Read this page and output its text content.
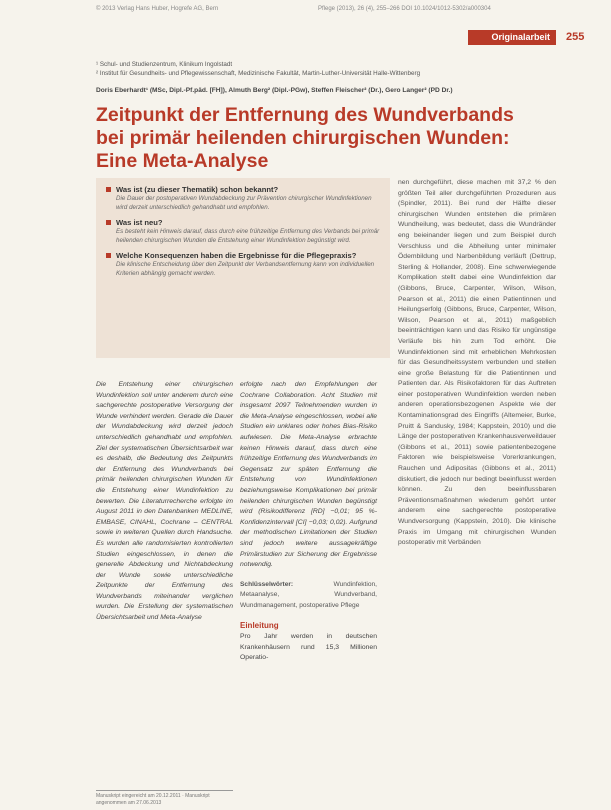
© 2013 Verlag Hans Huber, Hogrefe AG, Bern	Pflege (2013), 26 (4), 255–266 DOI 10.1024/1012-5302/a000304
Originalarbeit	255
¹ Schul- und Studienzentrum, Klinikum Ingolstadt
² Institut für Gesundheits- und Pflegewissenschaft, Medizinische Fakultät, Martin-Luther-Universität Halle-Wittenberg
Doris Eberhardt¹ (MSc, Dipl.-Pf.päd. [FH]), Almuth Berg² (Dipl.-PGw), Steffen Fleischer² (Dr.), Gero Langer² (PD Dr.)
Zeitpunkt der Entfernung des Wundverbands
bei primär heilenden chirurgischen Wunden:
Eine Meta-Analyse
Was ist (zu dieser Thematik) schon bekannt?
Die Dauer der postoperativen Wundabdeckung zur Prävention chirurgischer Wundinfektionen wird derzeit unterschiedlich gehandhabt und empfohlen.
Was ist neu?
Es besteht kein Hinweis darauf, dass durch eine frühzeitige Entfernung des Verbands bei primär heilenden chirurgischen Wunden die Entstehung einer Wundinfektion begünstigt wird.
Welche Konsequenzen haben die Ergebnisse für die Pflegepraxis?
Die klinische Entscheidung über den Zeitpunkt der Verbandsentfernung kann von individuellen Kriterien abhängig gemacht werden.

Die Entstehung einer chirurgischen Wundinfektion soll unter anderem durch eine sachgerechte postoperative Versorgung der Wunde verhindert werden. Gerade die Dauer der Wundabdeckung wird derzeit jedoch unterschiedlich gehandhabt und empfohlen. Ziel der systematischen Übersichtsarbeit war es deshalb, die Bedeutung des Zeitpunkts der Entfernung des Wundverbands bei primär heilenden chirurgischen Wunden für die Entstehung einer Wundinfektion zu bewerten. Die Literaturrecherche erfolgte im August 2011 in den Datenbanken MEDLINE, EMBASE, CINAHL, Cochrane – CENTRAL sowie in weiteren Quellen durch Handsuche. Es wurden alle randomisierten kontrollierten Studien eingeschlossen, in denen die generelle Abdeckung und Nichtabdeckung der Wunde sowie unterschiedliche Zeitpunkte der Entfernung des Wundverbands miteinander verglichen wurden. Die Erstellung der systematischen Übersichtsarbeit und Meta-Analyse

erfolgte nach den Empfehlungen der Cochrane Collaboration. Acht Studien mit insgesamt 2097 Teilnehmenden wurden in die Meta-Analyse eingeschlossen, wobei alle Studien ein unklares oder hohes Bias-Risiko aufwiesen. Die Meta-Analyse erbrachte keinen Hinweis darauf, dass durch eine frühzeitige Entfernung des Wundverbands im Gegensatz zur späten Entfernung die Entstehung von Wundinfektionen beziehungsweise Komplikationen bei primär heilenden chirurgischen Wunden begünstigt wird (Risikodifferenz [RD] −0,01; 95 %-Konfidenzintervall [CI] −0,03; 0,02). Aufgrund der methodischen Limitationen der Studien sind jedoch weitere aussagekräftige Primärstudien zur Sicherung der Ergebnisse notwendig.

Schlüsselwörter:	Wundinfektion, Metaanalyse, Wundverband, Wundmanagement, postoperative Pflege
Einleitung

Pro Jahr werden in deutschen Krankenhäusern rund 15,3 Millionen Operatio-

nen durchgeführt, diese machen mit 37,2 % den größten Teil aller durchgeführten Prozeduren aus (Spindler, 2011). Bei rund der Hälfte dieser chirurgischen Wunden entstehen die primären Wundheilung, was bedeutet, dass die Wundränder eng beieinander liegen und zum Beispiel durch Verschluss und die Abheilung unter minimaler Ödembildung und Narbenbildung verläuft (Dettrup, Sterling & Hollander, 2008). Eine schwerwiegende Komplikation stellt dabei eine Wundinfektion dar (Gibbons, Bruce, Carpenter, Wilson, Wilson, Pearson et al., 2011) die einen Patientinnen und Heilungserfolg (Gibbons, Bruce, Carpenter, Wilson, Wilson, Pearson et al., 2011) maßgeblich beeinträchtigen kann und das Risiko für ungünstige Verläufe bis hin zum Tod erhöht. Die Wundinfektionen sind mit erheblichen Mehrkosten für das Gesundheitssystem verbunden und stellen eine große Belastung für die Patientinnen und Patienten dar. Als Risikofaktoren für das Auftreten einer postoperativen Wundinfektion werden neben anderen operationsbezogenen Aspekte wie der Kontaminationsgrad des Eingriffs (Altemeier, Burke, Pruitt & Sandusky, 1984; Kappstein, 2010) und die Länge der postoperativen Krankenhausverweildauer (Gibbons et al., 2011) sowie patientenbezogene Faktoren wie beispielsweise Vorerkrankungen, Rauchen und Adipositas (Gibbons et al., 2011) diskutiert, die jedoch nur bedingt beeinflusst werden können. Zu den beeinflussbaren Präventionsmaßnahmen wiederum gehört unter anderem eine sachgerechte postoperative Wundversorgung (Kappstein, 2010). Die klinische Praxis im Umgang mit chirurgischen Wunden postoperativ mit Verbänden

Manuskript eingereicht am 20.12.2011 · Manuskript angenommen am 27.06.2013
